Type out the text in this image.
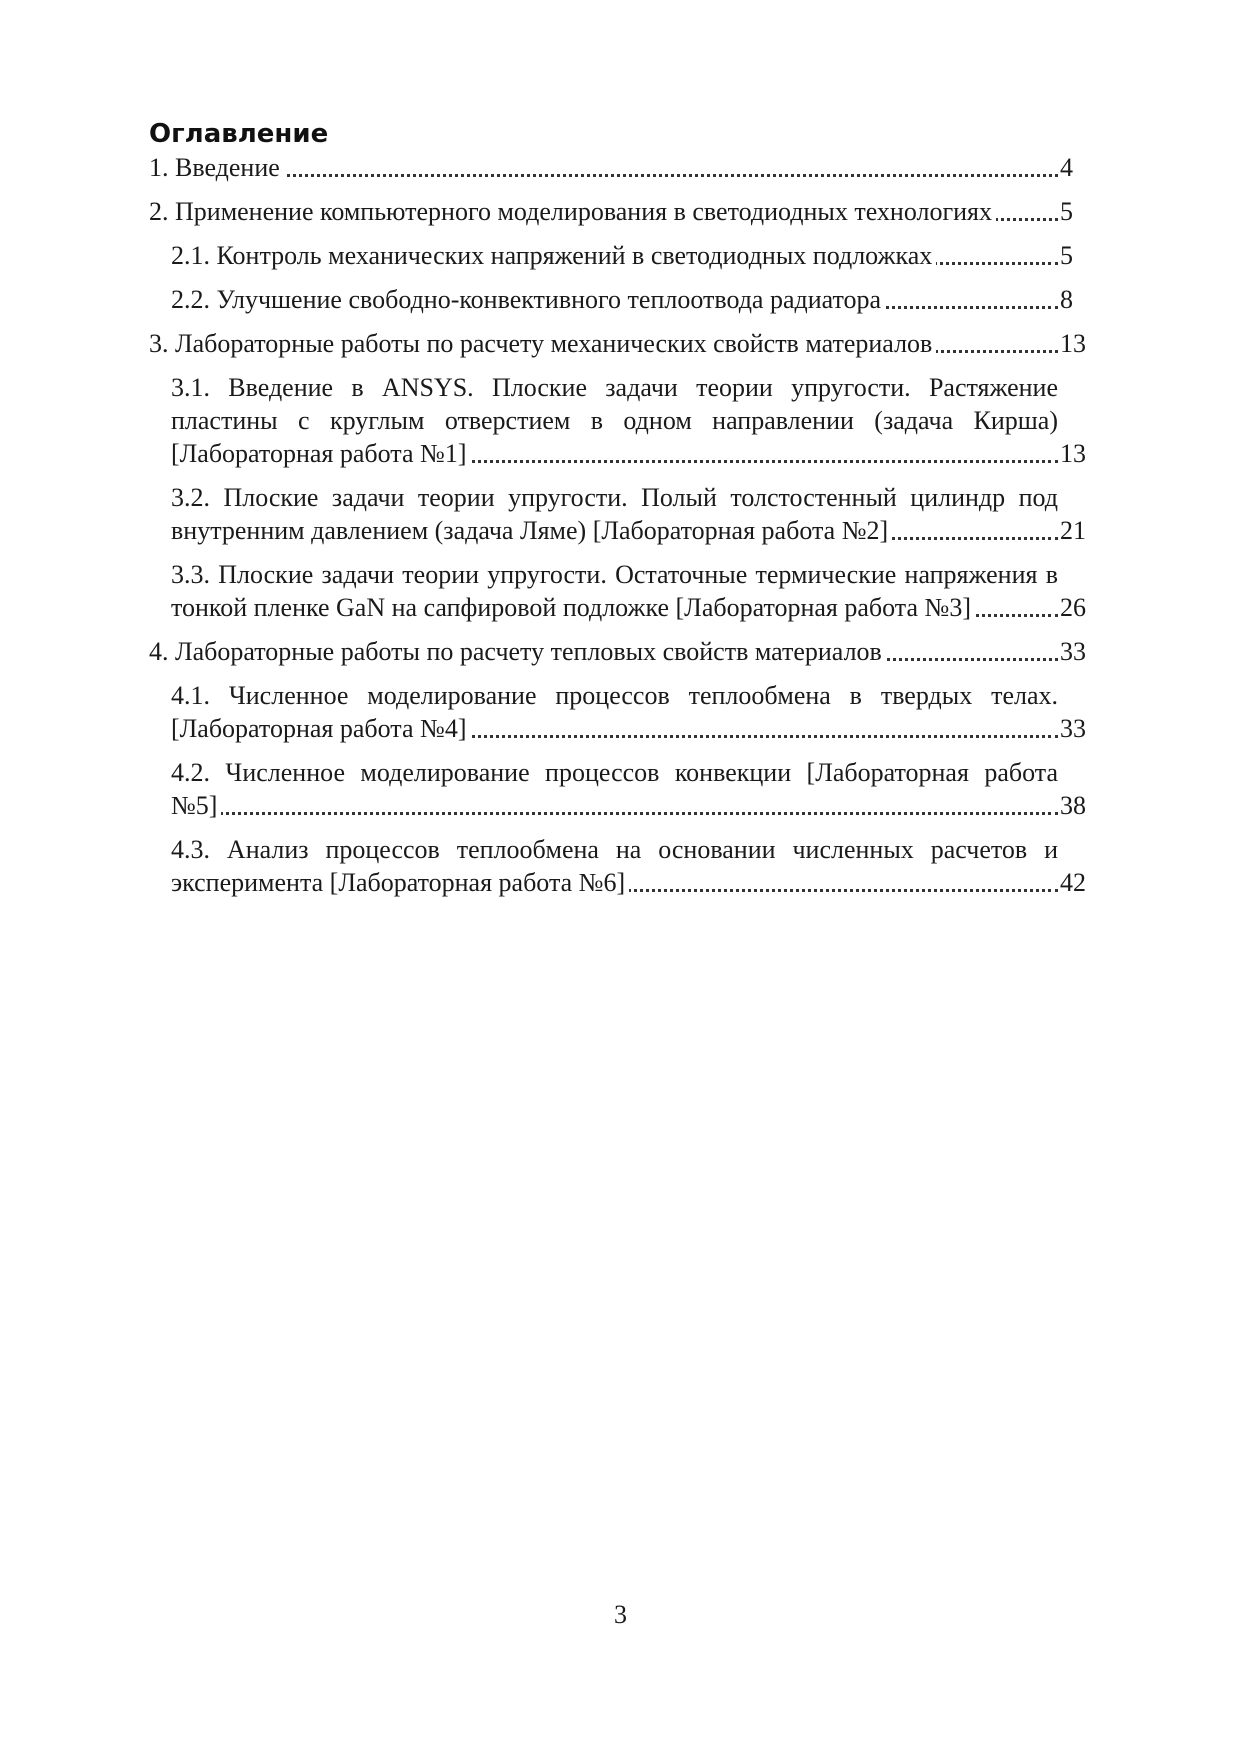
Оглавление
1. Введение	4
2. Применение компьютерного моделирования в светодиодных технологиях	5
2.1. Контроль механических напряжений в светодиодных подложках	5
2.2. Улучшение свободно-конвективного теплоотвода радиатора	8
3. Лабораторные работы по расчету механических свойств материалов	13
3.1. Введение в ANSYS. Плоские задачи теории упругости. Растяжение пластины с круглым отверстием в одном направлении (задача Кирша) [Лабораторная работа №1]	13
3.2. Плоские задачи теории упругости. Полый толстостенный цилиндр под внутренним давлением (задача Ляме) [Лабораторная работа №2]	21
3.3. Плоские задачи теории упругости. Остаточные термические напряжения в тонкой пленке GaN на сапфировой подложке [Лабораторная работа №3]	26
4. Лабораторные работы по расчету тепловых свойств материалов	33
4.1. Численное моделирование процессов теплообмена в твердых телах. [Лабораторная работа №4]	33
4.2. Численное моделирование процессов конвекции [Лабораторная работа №5]	38
4.3. Анализ процессов теплообмена на основании численных расчетов и эксперимента [Лабораторная работа №6]	42
3
